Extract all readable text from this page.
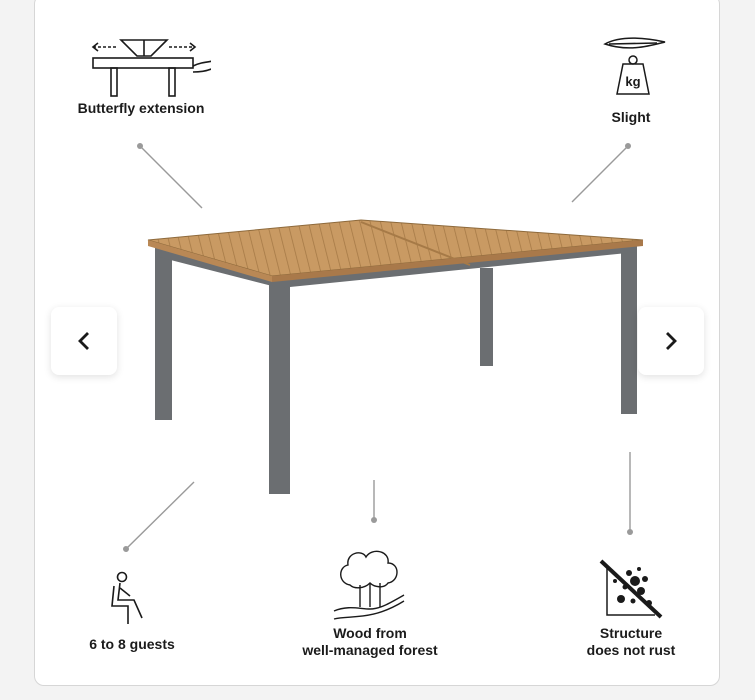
Butterfly extension
kg
Slight
6 to 8 guests
Wood from
well-managed forest
Structure
does not rust
